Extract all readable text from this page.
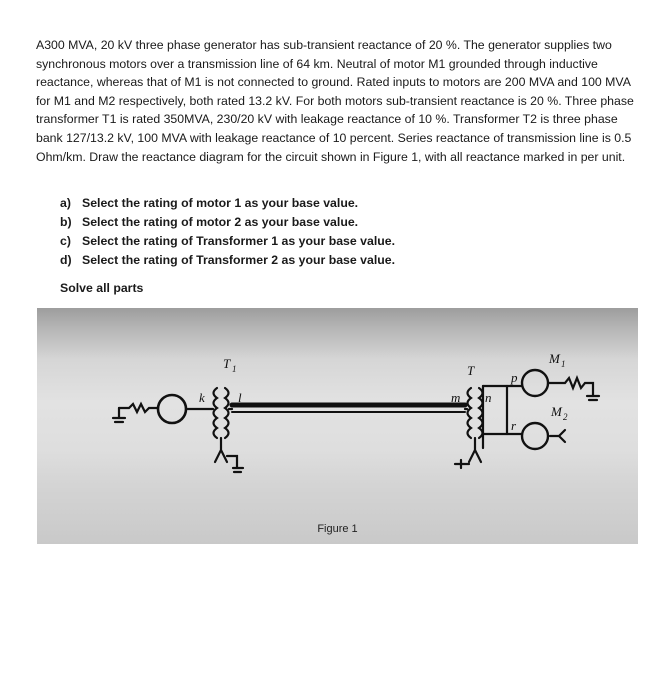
A300 MVA, 20 kV three phase generator has sub-transient reactance of 20 %. The generator supplies two synchronous motors over a transmission line of 64 km. Neutral of motor M1 grounded through inductive reactance, whereas that of M1 is not connected to ground. Rated inputs to motors are 200 MVA and 100 MVA for M1 and M2 respectively, both rated 13.2 kV. For both motors sub-transient reactance is 20 %. Three phase transformer T1 is rated 350MVA, 230/20 kV with leakage reactance of 10 %. Transformer T2 is three phase bank 127/13.2 kV, 100 MVA with leakage reactance of 10 percent. Series reactance of transmission line is 0.5 Ohm/km. Draw the reactance diagram for the circuit shown in Figure 1, with all reactance marked in per unit.

a) Select the rating of motor 1 as your base value.
b) Select the rating of motor 2 as your base value.
c) Select the rating of Transformer 1 as your base value.
d) Select the rating of Transformer 2 as your base value.

Solve all parts

T 1
k	l
T
m n
p
r
M 1
M 2
Figure 1
